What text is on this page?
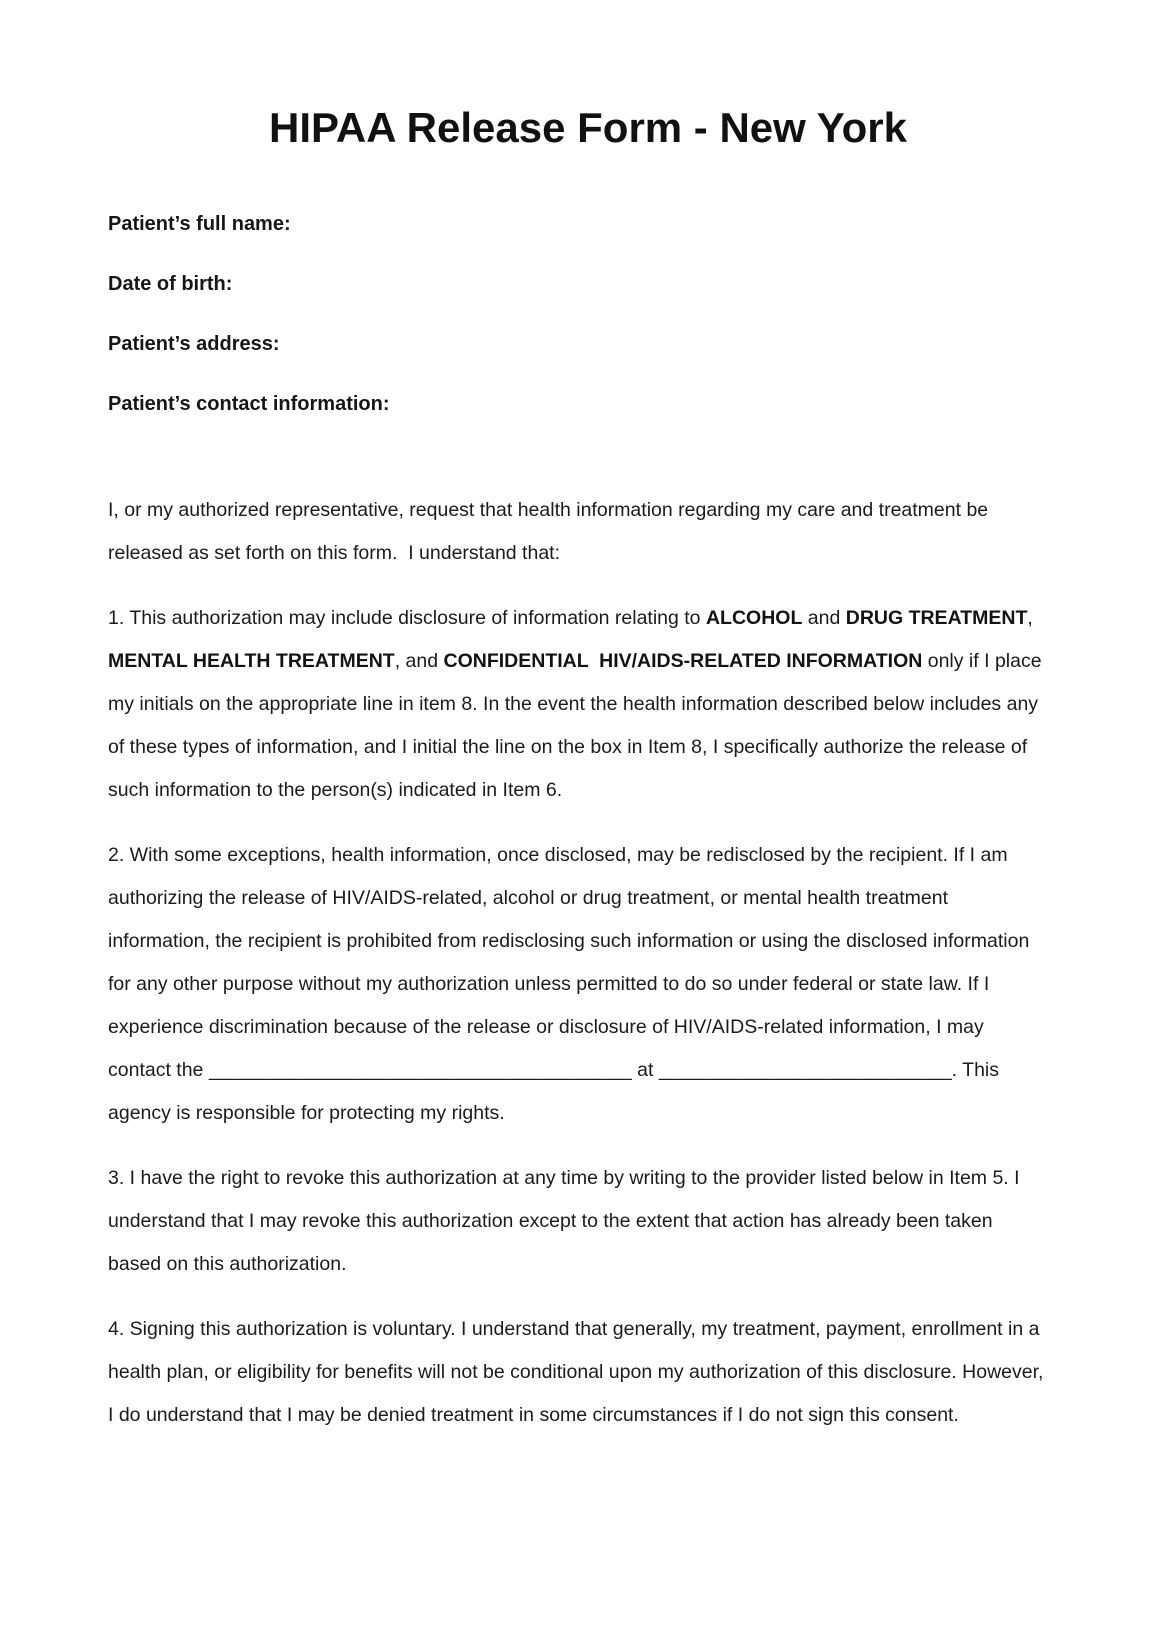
HIPAA Release Form - New York

Patient’s full name:

Date of birth:

Patient’s address:

Patient’s contact information:

I, or my authorized representative, request that health information regarding my care and treatment be released as set forth on this form.  I understand that:

1. This authorization may include disclosure of information relating to ALCOHOL and DRUG TREATMENT, MENTAL HEALTH TREATMENT, and CONFIDENTIAL  HIV/AIDS-RELATED INFORMATION only if I place my initials on the appropriate line in item 8. In the event the health information described below includes any of these types of information, and I initial the line on the box in Item 8, I specifically authorize the release of such information to the person(s) indicated in Item 6.

2. With some exceptions, health information, once disclosed, may be redisclosed by the recipient. If I am authorizing the release of HIV/AIDS-related, alcohol or drug treatment, or mental health treatment information, the recipient is prohibited from redisclosing such information or using the disclosed information for any other purpose without my authorization unless permitted to do so under federal or state law. If I experience discrimination because of the release or disclosure of HIV/AIDS-related information, I may contact the _______________________________________ at ___________________________. This agency is responsible for protecting my rights.

3. I have the right to revoke this authorization at any time by writing to the provider listed below in Item 5. I understand that I may revoke this authorization except to the extent that action has already been taken based on this authorization.

4. Signing this authorization is voluntary. I understand that generally, my treatment, payment, enrollment in a health plan, or eligibility for benefits will not be conditional upon my authorization of this disclosure. However, I do understand that I may be denied treatment in some circumstances if I do not sign this consent.
